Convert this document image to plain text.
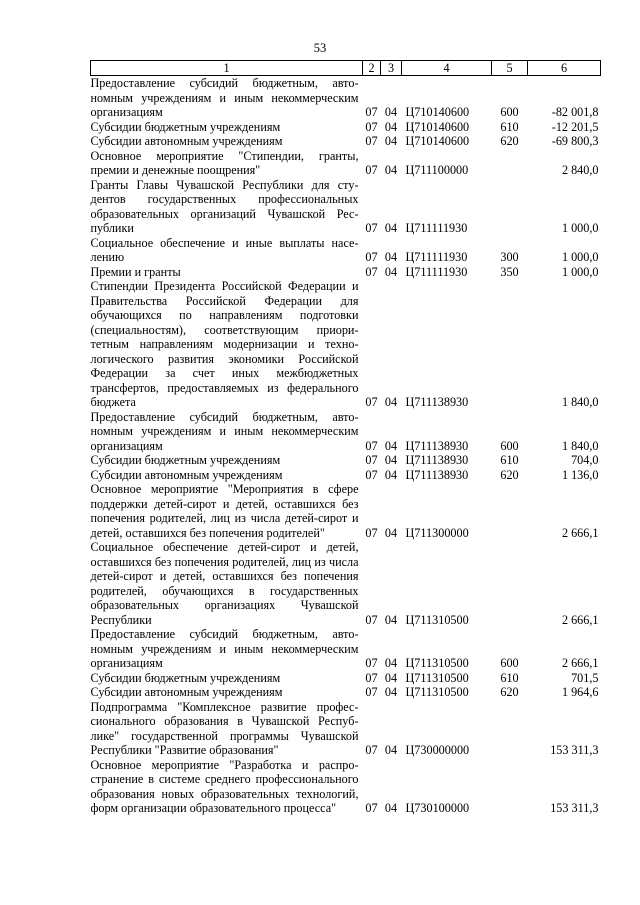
53
1	2	3	4	5	6
Предоставление субсидий бюджетным, автономным учреждениям и иным некоммерческим организациям	07	04	Ц710140600	600	-82 001,8
Субсидии бюджетным учреждениям	07	04	Ц710140600	610	-12 201,5
Субсидии автономным учреждениям	07	04	Ц710140600	620	-69 800,3
Основное мероприятие "Стипендии, гранты, премии и денежные поощрения"	07	04	Ц711100000		2 840,0
Гранты Главы Чувашской Республики для студентов государственных профессиональных образовательных организаций Чувашской Республики	07	04	Ц711111930		1 000,0
Социальное обеспечение и иные выплаты населению	07	04	Ц711111930	300	1 000,0
Премии и гранты	07	04	Ц711111930	350	1 000,0
Стипендии Президента Российской Федерации и Правительства Российской Федерации для обучающихся по направлениям подготовки (специальностям), соответствующим приоритетным направлениям модернизации и технологического развития экономики Российской Федерации за счет иных межбюджетных трансфертов, предоставляемых из федерального бюджета	07	04	Ц711138930		1 840,0
Предоставление субсидий бюджетным, автономным учреждениям и иным некоммерческим организациям	07	04	Ц711138930	600	1 840,0
Субсидии бюджетным учреждениям	07	04	Ц711138930	610	704,0
Субсидии автономным учреждениям	07	04	Ц711138930	620	1 136,0
Основное мероприятие "Мероприятия в сфере поддержки детей-сирот и детей, оставшихся без попечения родителей, лиц из числа детей-сирот и детей, оставшихся без попечения родителей"	07	04	Ц711300000		2 666,1
Социальное обеспечение детей-сирот и детей, оставшихся без попечения родителей, лиц из числа детей-сирот и детей, оставшихся без попечения родителей, обучающихся в государственных образовательных организациях Чувашской Республики	07	04	Ц711310500		2 666,1
Предоставление субсидий бюджетным, автономным учреждениям и иным некоммерческим организациям	07	04	Ц711310500	600	2 666,1
Субсидии бюджетным учреждениям	07	04	Ц711310500	610	701,5
Субсидии автономным учреждениям	07	04	Ц711310500	620	1 964,6
Подпрограмма "Комплексное развитие профессионального образования в Чувашской Республике" государственной программы Чувашской Республики "Развитие образования"	07	04	Ц730000000		153 311,3
Основное мероприятие "Разработка и распространение в системе среднего профессионального образования новых образовательных технологий, форм организации образовательного процесса"	07	04	Ц730100000		153 311,3
